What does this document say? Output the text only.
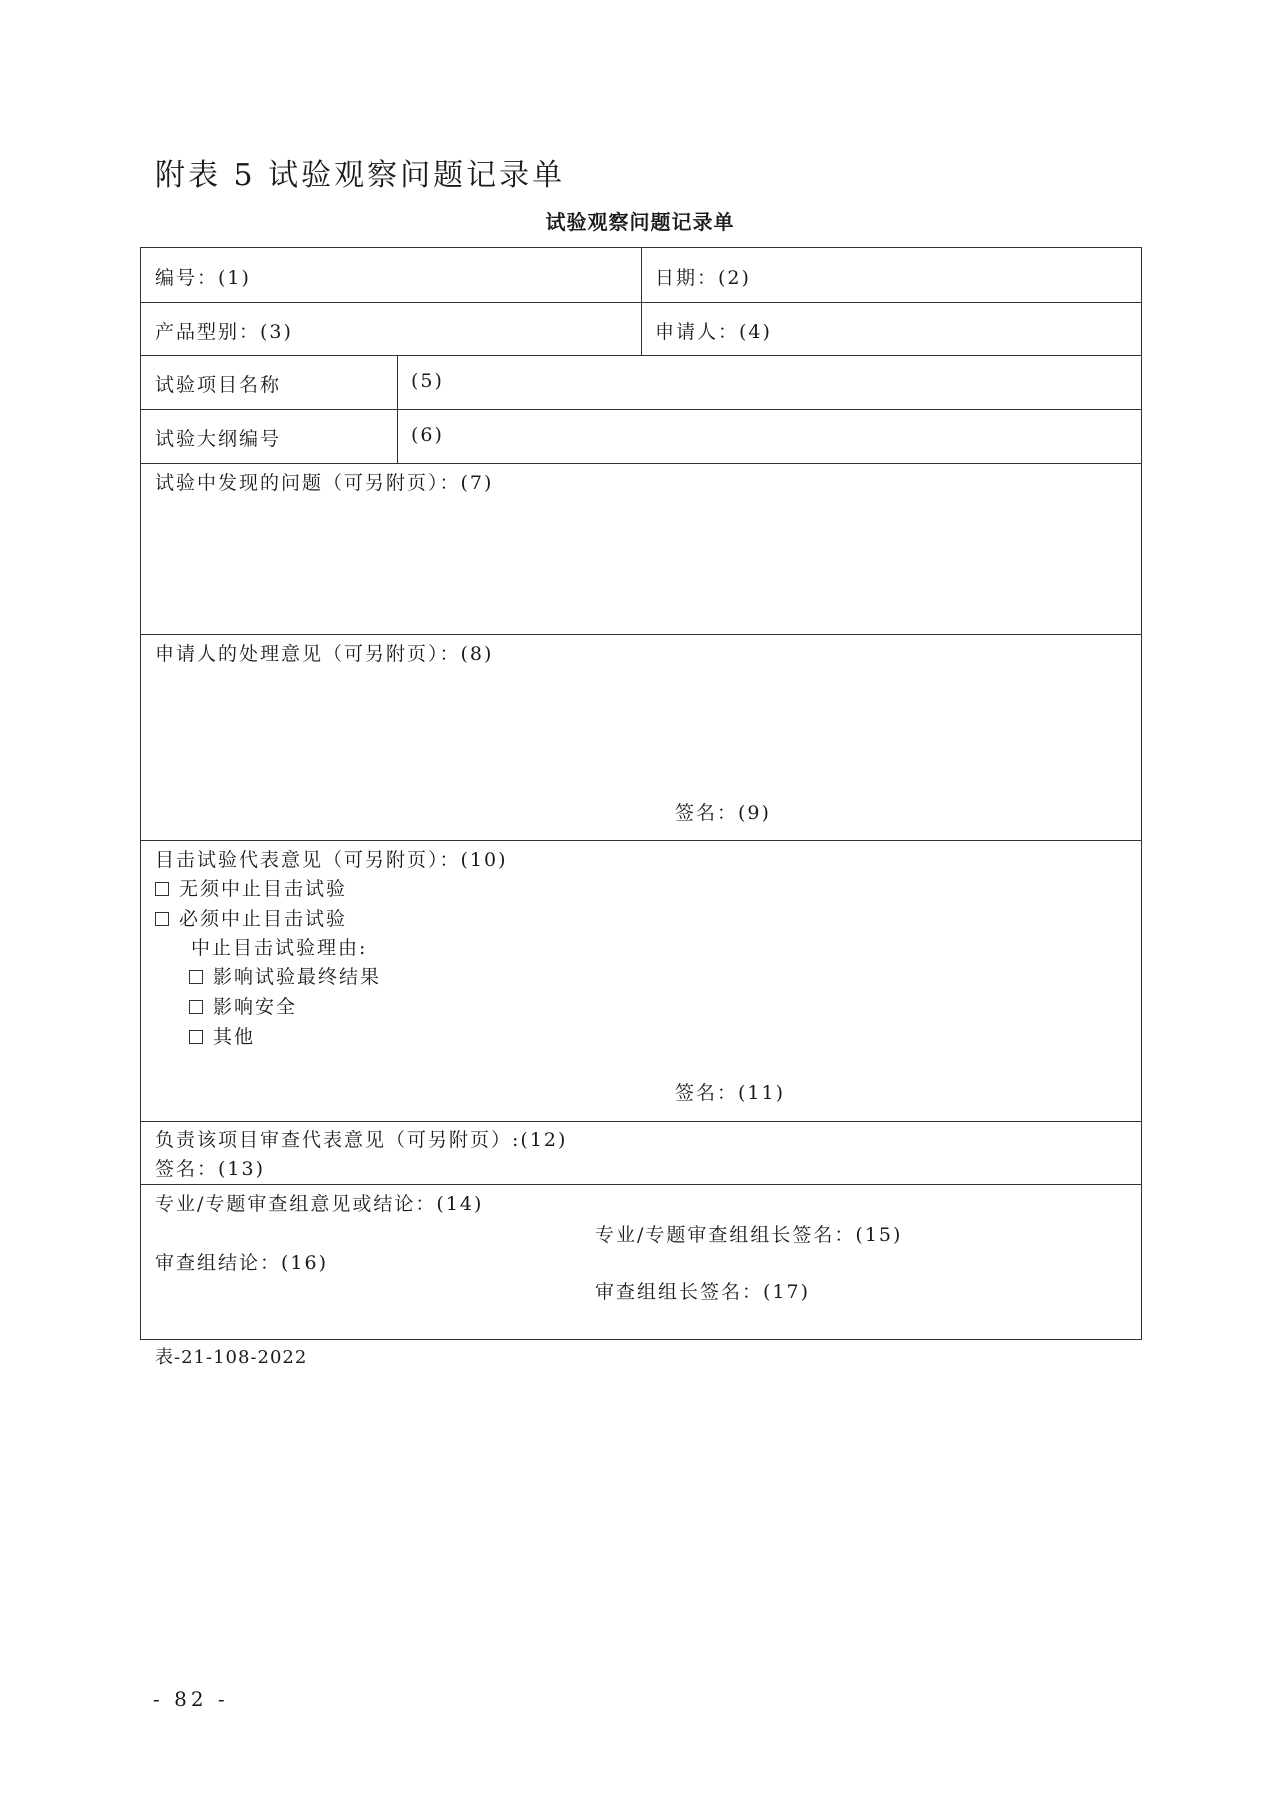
附表 5 试验观察问题记录单
试验观察问题记录单
编号：(1)	日期：(2)
产品型别：(3)	申请人：(4)
试验项目名称	(5)
试验大纲编号	(6)
试验中发现的问题（可另附页）：(7)
申请人的处理意见（可另附页）：(8)
签名：(9)
目击试验代表意见（可另附页）：(10)
无须中止目击试验
必须中止目击试验
中止目击试验理由:
影响试验最终结果
影响安全
其他
签名：(11)
负责该项目审查代表意见（可另附页）:(12)
签名：(13)
专业/专题审查组意见或结论：(14)
专业/专题审查组组长签名：(15)
审查组结论：(16)
审查组组长签名：(17)
表-21-108-2022
- 82 -
